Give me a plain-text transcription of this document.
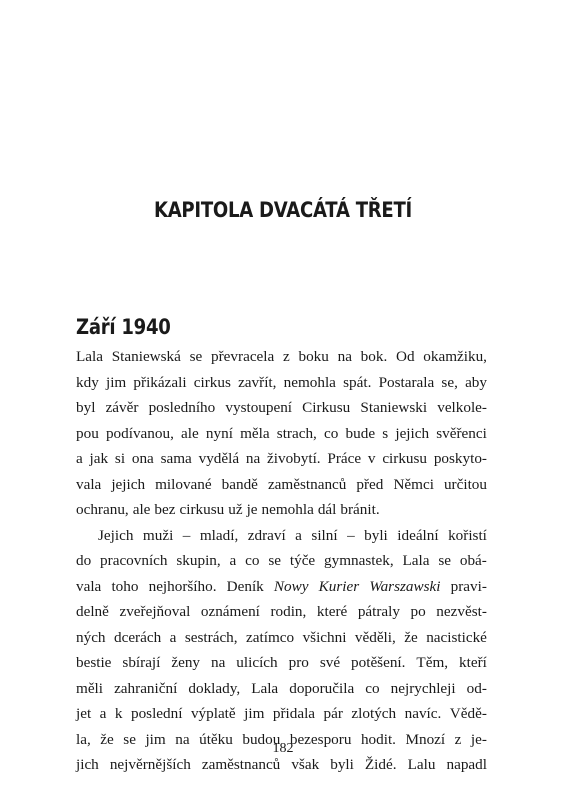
KAPITOLA DVACÁTÁ TŘETÍ
Září 1940
Lala Staniewská se převracela z boku na bok. Od okamžiku,
kdy jim přikázali cirkus zavřít, nemohla spát. Postarala se, aby
byl závěr posledního vystoupení Cirkusu Staniewski velkole-
pou podívanou, ale nyní měla strach, co bude s jejich svěřenci
a jak si ona sama vydělá na živobytí. Práce v cirkusu poskyto-
vala jejich milované bandě zaměstnanců před Němci určitou
ochranu, ale bez cirkusu už je nemohla dál bránit.
Jejich muži – mladí, zdraví a silní – byli ideální kořistí
do pracovních skupin, a co se týče gymnastek, Lala se obá-
vala toho nejhoršího. Deník Nowy Kurier Warszawski pravi-
delně zveřejňoval oznámení rodin, které pátraly po nezvěst-
ných dcerách a sestrách, zatímco všichni věděli, že nacistické
bestie sbírají ženy na ulicích pro své potěšení. Těm, kteří
měli zahraniční doklady, Lala doporučila co nejrychleji od-
jet a k poslední výplatě jim přidala pár zlotých navíc. Vědě-
la, že se jim na útěku budou bezesporu hodit. Mnozí z je-
jich nejvěrnějších zaměstnanců však byli Židé. Lalu napadl
182
